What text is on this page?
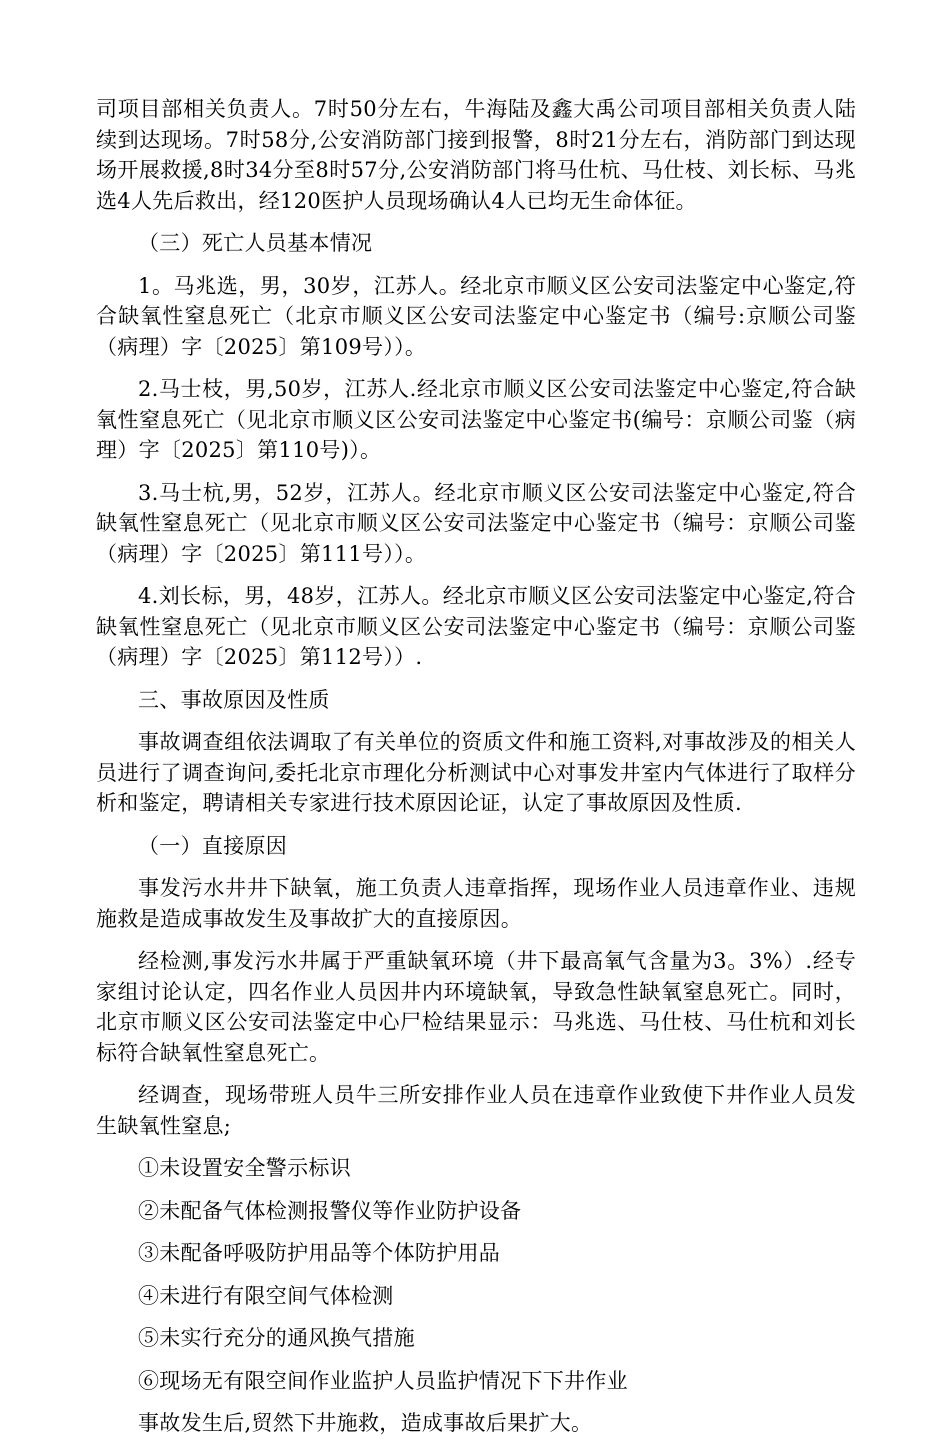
司项目部相关负责人。7时50分左右，牛海陆及鑫大禹公司项目部相关负责人陆续到达现场。7时58分,公安消防部门接到报警，8时21分左右，消防部门到达现场开展救援,8时34分至8时57分,公安消防部门将马仕杭、马仕枝、刘长标、马兆选4人先后救出，经120医护人员现场确认4人已均无生命体征。

（三）死亡人员基本情况

1。马兆选，男，30岁，江苏人。经北京市顺义区公安司法鉴定中心鉴定,符合缺氧性窒息死亡（北京市顺义区公安司法鉴定中心鉴定书（编号:京顺公司鉴（病理）字〔2025〕第109号））。

2.马士枝，男,50岁，江苏人.经北京市顺义区公安司法鉴定中心鉴定,符合缺氧性窒息死亡（见北京市顺义区公安司法鉴定中心鉴定书(编号：京顺公司鉴（病理）字〔2025〕第110号)）。

3.马士杭,男，52岁，江苏人。经北京市顺义区公安司法鉴定中心鉴定,符合缺氧性窒息死亡（见北京市顺义区公安司法鉴定中心鉴定书（编号：京顺公司鉴（病理）字〔2025〕第111号））。

4.刘长标，男，48岁，江苏人。经北京市顺义区公安司法鉴定中心鉴定,符合缺氧性窒息死亡（见北京市顺义区公安司法鉴定中心鉴定书（编号：京顺公司鉴（病理）字〔2025〕第112号））.

三、事故原因及性质

事故调查组依法调取了有关单位的资质文件和施工资料,对事故涉及的相关人员进行了调查询问,委托北京市理化分析测试中心对事发井室内气体进行了取样分析和鉴定，聘请相关专家进行技术原因论证，认定了事故原因及性质.

（一）直接原因

事发污水井井下缺氧，施工负责人违章指挥，现场作业人员违章作业、违规施救是造成事故发生及事故扩大的直接原因。

经检测,事发污水井属于严重缺氧环境（井下最高氧气含量为3。3%）.经专家组讨论认定，四名作业人员因井内环境缺氧，导致急性缺氧窒息死亡。同时，北京市顺义区公安司法鉴定中心尸检结果显示：马兆选、马仕枝、马仕杭和刘长标符合缺氧性窒息死亡。

经调查，现场带班人员牛三所安排作业人员在违章作业致使下井作业人员发生缺氧性窒息;

①未设置安全警示标识

②未配备气体检测报警仪等作业防护设备

③未配备呼吸防护用品等个体防护用品

④未进行有限空间气体检测

⑤未实行充分的通风换气措施

⑥现场无有限空间作业监护人员监护情况下下井作业

事故发生后,贸然下井施救，造成事故后果扩大。
